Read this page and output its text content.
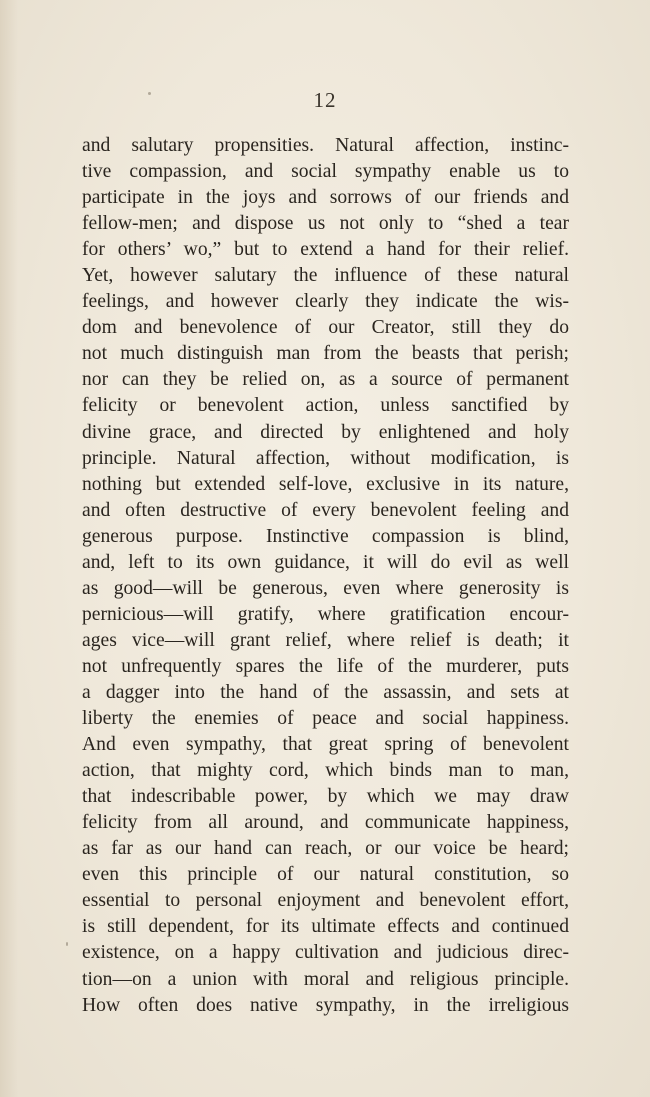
12
and salutary propensities. Natural affection, instinc-
tive compassion, and social sympathy enable us to
participate in the joys and sorrows of our friends and
fellow-men; and dispose us not only to “shed a tear
for others’ wo,” but to extend a hand for their relief.
Yet, however salutary the influence of these natural
feelings, and however clearly they indicate the wis-
dom and benevolence of our Creator, still they do
not much distinguish man from the beasts that perish;
nor can they be relied on, as a source of permanent
felicity or benevolent action, unless sanctified by
divine grace, and directed by enlightened and holy
principle. Natural affection, without modification, is
nothing but extended self-love, exclusive in its nature,
and often destructive of every benevolent feeling and
generous purpose. Instinctive compassion is blind,
and, left to its own guidance, it will do evil as well
as good—will be generous, even where generosity is
pernicious—will gratify, where gratification encour-
ages vice—will grant relief, where relief is death; it
not unfrequently spares the life of the murderer, puts
a dagger into the hand of the assassin, and sets at
liberty the enemies of peace and social happiness.
And even sympathy, that great spring of benevolent
action, that mighty cord, which binds man to man,
that indescribable power, by which we may draw
felicity from all around, and communicate happiness,
as far as our hand can reach, or our voice be heard;
even this principle of our natural constitution, so
essential to personal enjoyment and benevolent effort,
is still dependent, for its ultimate effects and continued
existence, on a happy cultivation and judicious direc-
tion—on a union with moral and religious principle.
How often does native sympathy, in the irreligious
